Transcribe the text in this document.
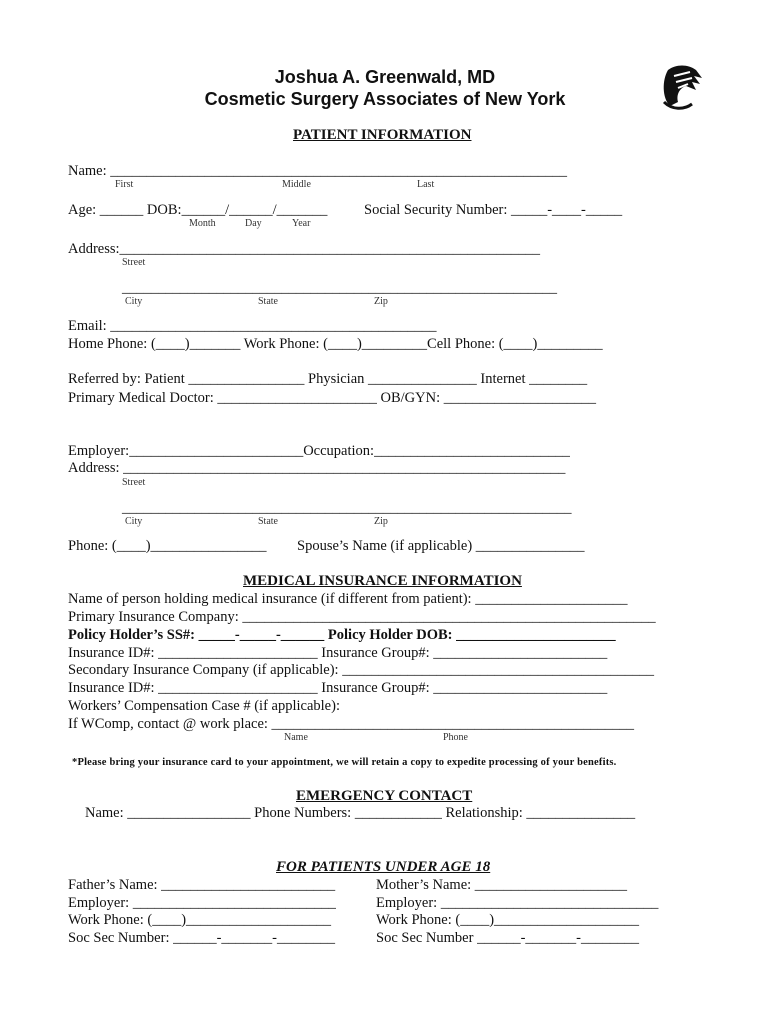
Joshua A. Greenwald, MD
Cosmetic Surgery Associates of New York
PATIENT INFORMATION
Name: _______________________________________________________________
First	Middle	Last
Age: ______ DOB:______/______/_______
Month	Day	Year
Social Security Number: _____-____-_____
Address:__________________________________________________________
Street
____________________________________________________________
City	State	Zip
Email: _____________________________________________
Home Phone: (____)_______ Work Phone: (____)_________Cell Phone: (____)_________
Referred by: Patient ________________ Physician _______________ Internet ________
Primary Medical Doctor: ______________________ OB/GYN: _____________________
Employer:________________________Occupation:___________________________
Address: _____________________________________________________________
Street
______________________________________________________________
City	State	Zip
Phone: (____)________________ Spouse’s Name (if applicable) _______________
MEDICAL INSURANCE INFORMATION
Name of person holding medical insurance (if different from patient): _____________________
Primary Insurance Company: _________________________________________________________
Policy Holder’s SS#: _____-_____-______ Policy Holder DOB: ______________________
Insurance ID#: ______________________ Insurance Group#: ________________________
Secondary Insurance Company (if applicable): ___________________________________________
Insurance ID#: ______________________ Insurance Group#: ________________________
Workers’ Compensation Case # (if applicable):
If WComp, contact @ work place: __________________________________________________
Name	Phone
*Please bring your insurance card to your appointment, we will retain a copy to expedite processing of your benefits.
EMERGENCY CONTACT
Name: _________________ Phone Numbers: ____________ Relationship: _______________
FOR PATIENTS UNDER AGE 18
Father’s Name: ________________________	Mother’s Name: _____________________
Employer: ____________________________	Employer: ______________________________
Work Phone: (____)____________________	Work Phone: (____)____________________
Soc Sec Number: ______-_______-________	Soc Sec Number ______-_______-________
